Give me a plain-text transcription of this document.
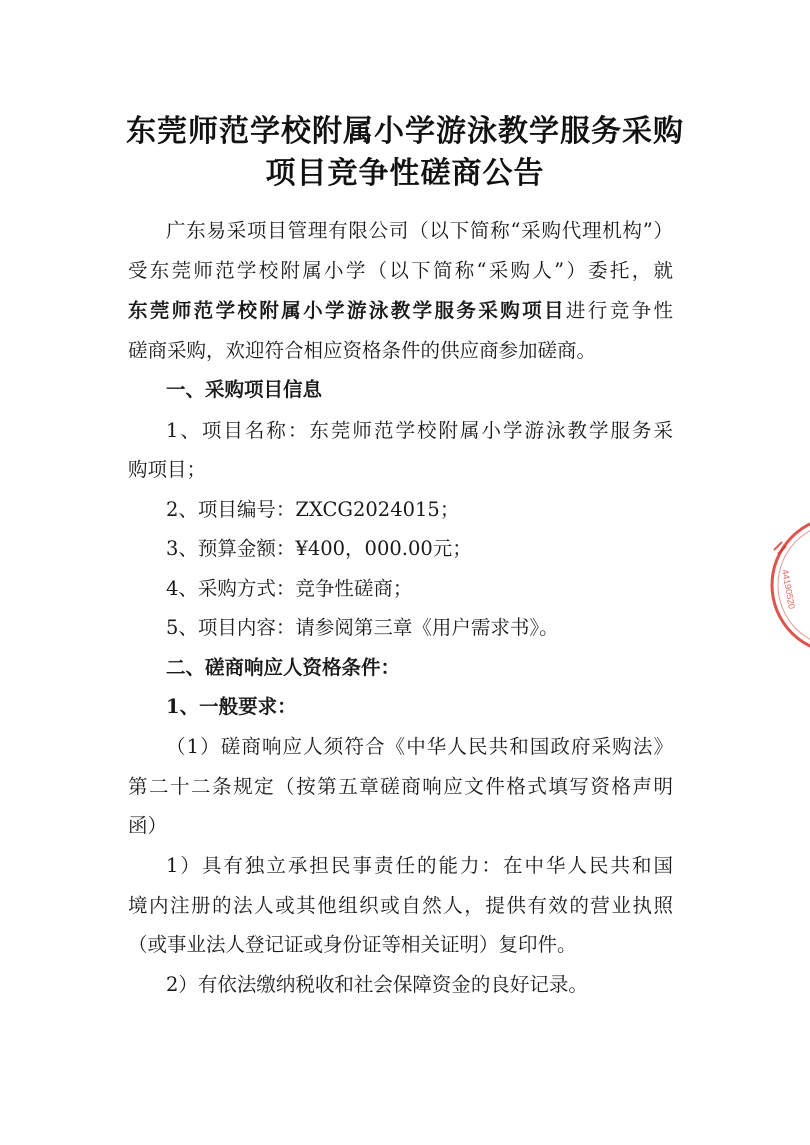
东莞师范学校附属小学游泳教学服务采购
项目竞争性磋商公告
广东易采项目管理有限公司（以下简称“采购代理机构”）
受东莞师范学校附属小学（以下简称“采购人”）委托，就
东莞师范学校附属小学游泳教学服务采购项目进行竞争性
磋商采购，欢迎符合相应资格条件的供应商参加磋商。
一、采购项目信息
1、项目名称：东莞师范学校附属小学游泳教学服务采
购项目；
2、项目编号：ZXCG2024015；
3、预算金额：¥400，000.00元；
4、采购方式：竞争性磋商；
5、项目内容：请参阅第三章《用户需求书》。
二、磋商响应人资格条件：
1、一般要求：
（1）磋商响应人须符合《中华人民共和国政府采购法》
第二十二条规定（按第五章磋商响应文件格式填写资格声明
函）
1）具有独立承担民事责任的能力：在中华人民共和国
境内注册的法人或其他组织或自然人，提供有效的营业执照
（或事业法人登记证或身份证等相关证明）复印件。
2）有依法缴纳税收和社会保障资金的良好记录。
44190520
